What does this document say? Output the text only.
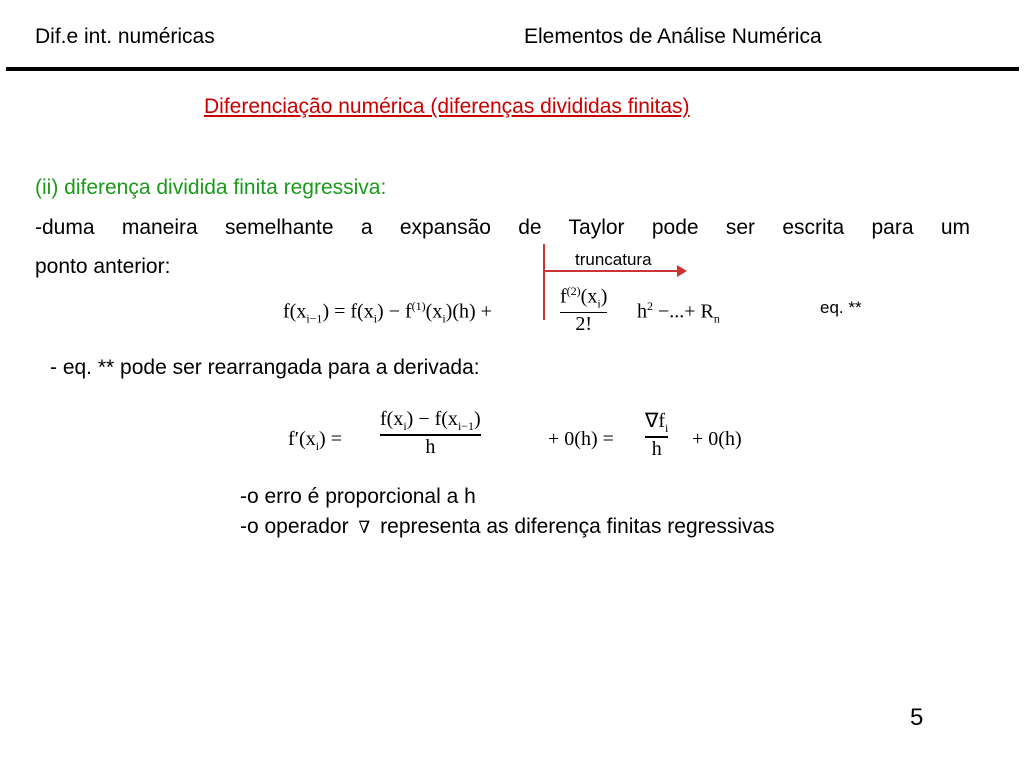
Dif.e int. numéricas	Elementos de Análise Numérica
Diferenciação numérica (diferenças divididas finitas)
(ii) diferença dividida finita regressiva:
-duma maneira semelhante a expansão de Taylor pode ser escrita para um
ponto anterior:	truncatura
$f(x_{i-1}) = f(x_i) - f^{(1)}(x_i)(h)$ +
$f^{(2)}(x_i)$
2!
$h^2$ −...+ $R_n$
eq. **
- eq. ** pode ser rearrangada para a derivada:
$f'(x_i)$ =
$f(x_i) - f(x_{i-1})$
h	+ 0(h) =
$\nabla f_i$
h + 0(h)
-o erro é proporcional a h
-o operador ∇ representa as diferença finitas regressivas
5
